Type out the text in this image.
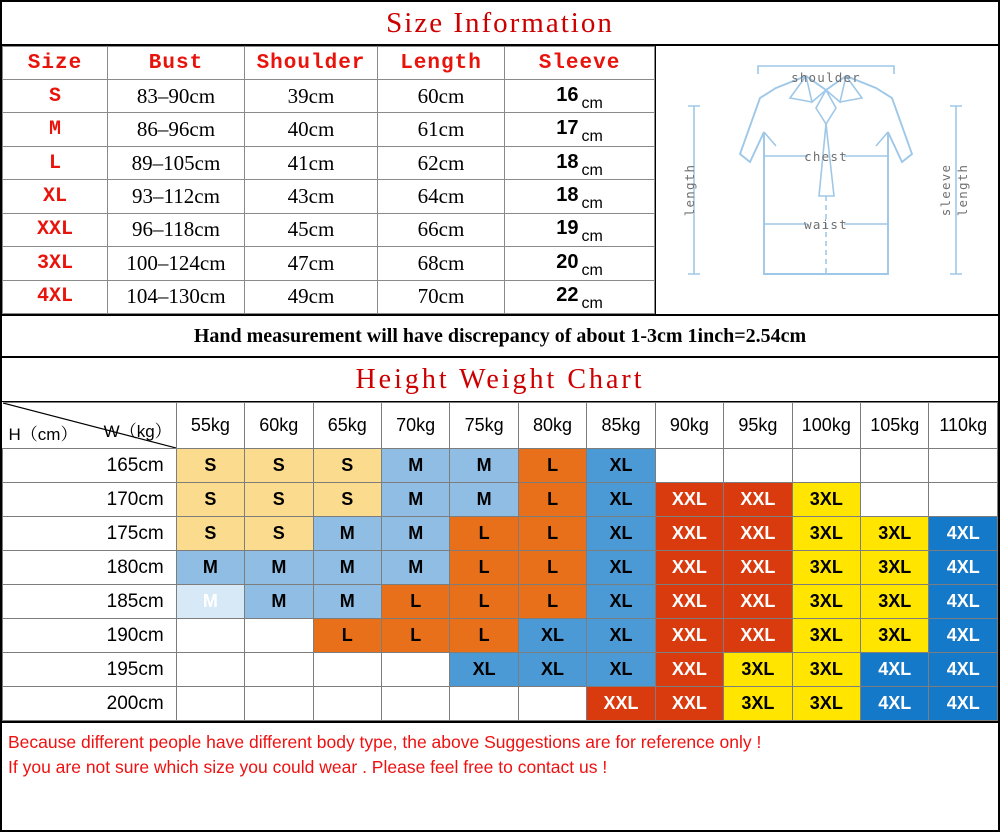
Size Information
Size	Bust	Shoulder	Length	Sleeve
S	83–90cm	39cm	60cm	16 $_{cm}$
M	86–96cm	40cm	61cm	17 $_{cm}$
L	89–105cm	41cm	62cm	18 $_{cm}$
XL	93–112cm	43cm	64cm	18 $_{cm}$
XXL	96–118cm	45cm	66cm	19 $_{cm}$
3XL	100–124cm	47cm	68cm	20 $_{cm}$
4XL	104–130cm	49cm	70cm	22 $_{cm}$
shoulder
chest
waist
length	sleeve length
Hand measurement will have discrepancy of about 1-3cm 1inch=2.54cm
Height Weight Chart
H（cm） W（kg）	55kg	60kg	65kg	70kg	75kg	80kg	85kg	90kg	95kg	100kg	105kg	110kg
165cm	S	S	S	M	M	L	XL					
170cm	S	S	S	M	M	L	XL	XXL	XXL	3XL		
175cm	S	S	M	M	L	L	XL	XXL	XXL	3XL	3XL	4XL
180cm	M	M	M	M	L	L	XL	XXL	XXL	3XL	3XL	4XL
185cm	M	M	M	L	L	L	XL	XXL	XXL	3XL	3XL	4XL
190cm			L	L	L	XL	XL	XXL	XXL	3XL	3XL	4XL
195cm					XL	XL	XL	XXL	3XL	3XL	4XL	4XL
200cm							XXL	XXL	3XL	3XL	4XL	4XL
Because different people have different body type, the above Suggestions are for reference only !
If you are not sure which size you could wear . Please feel free to contact us !
